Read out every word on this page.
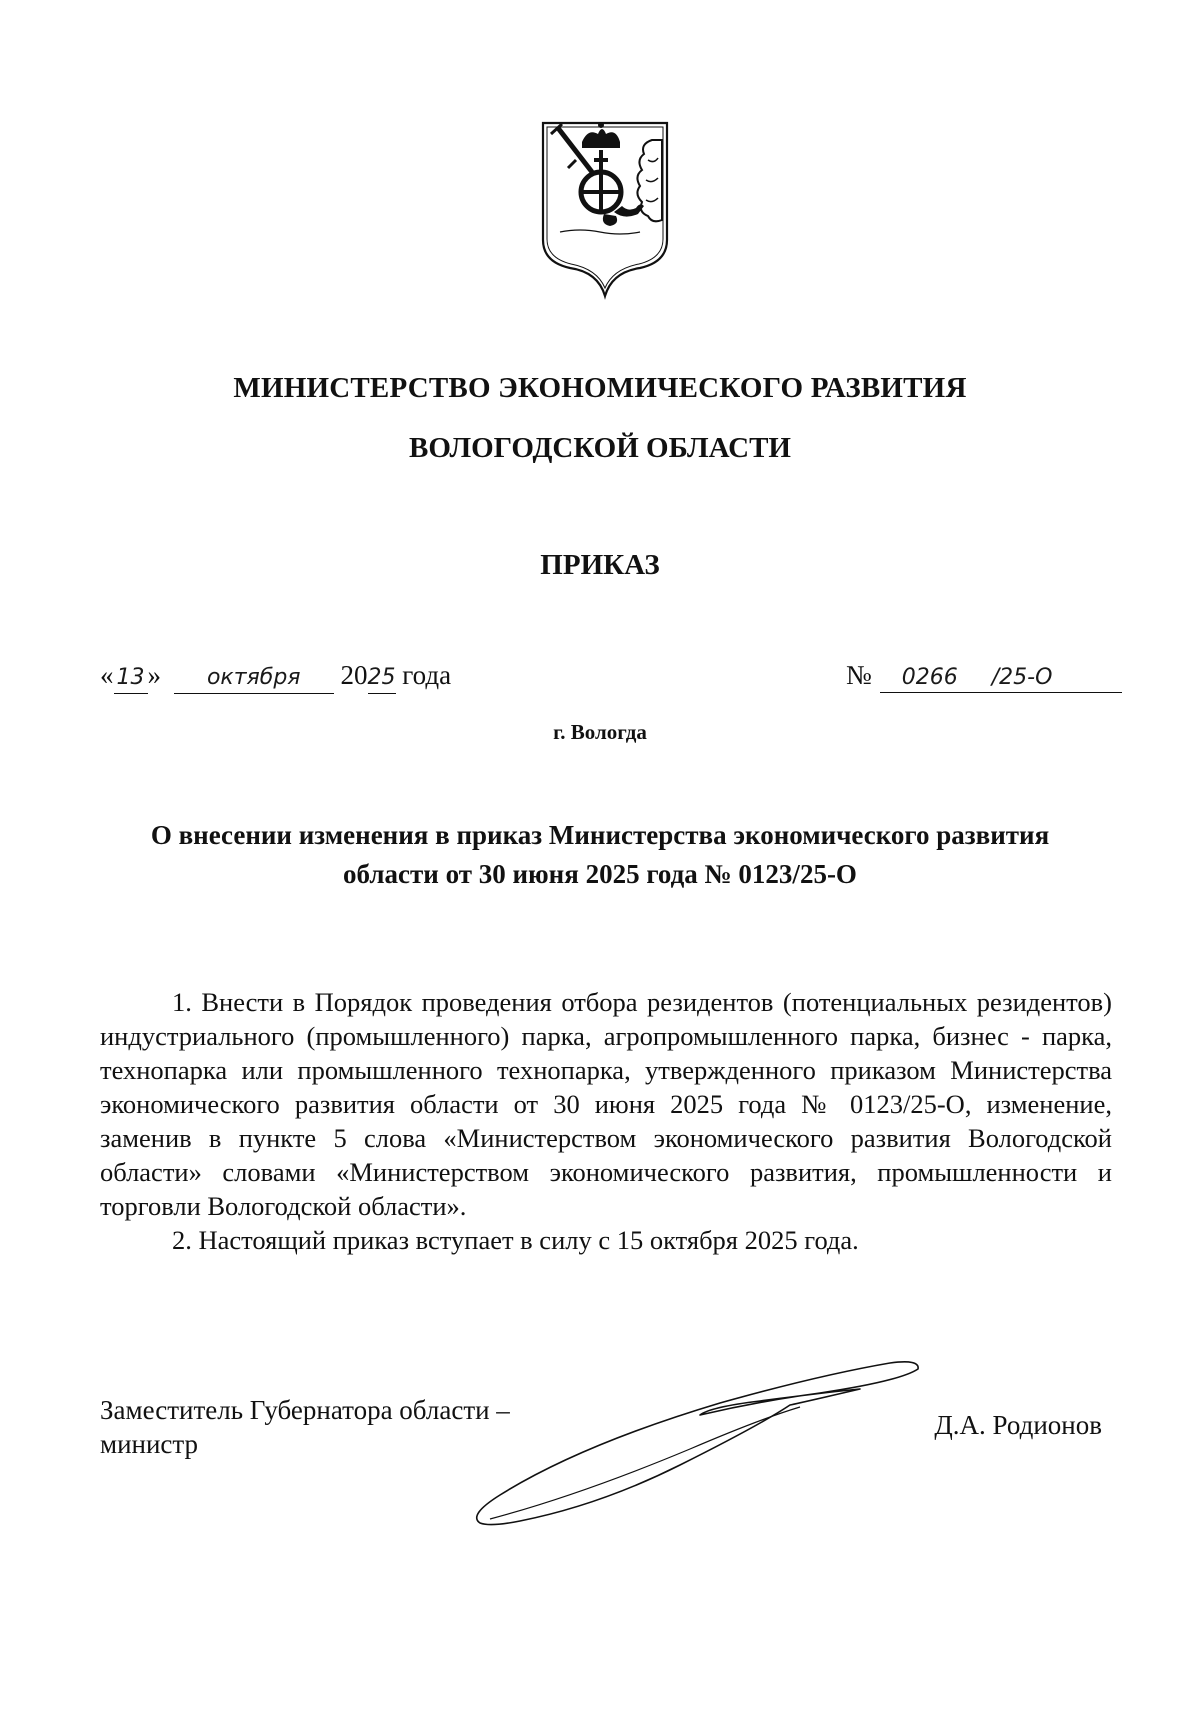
МИНИСТЕРСТВО ЭКОНОМИЧЕСКОГО РАЗВИТИЯ
ВОЛОГОДСКОЙ ОБЛАСТИ
ПРИКАЗ
« 13 » октября 2025 года	№ 0266 /25-О
г. Вологда
О внесении изменения в приказ Министерства экономического развития
области от 30 июня 2025 года № 0123/25-О

1. Внести в Порядок проведения отбора резидентов (потенциальных резидентов) индустриального (промышленного) парка, агропромышленного парка, бизнес - парка, технопарка или промышленного технопарка, утвержденного приказом Министерства экономического развития области от 30 июня 2025 года № 0123/25-О, изменение, заменив в пункте 5 слова «Министерством экономического развития Вологодской области» словами «Министерством экономического развития, промышленности и торговли Вологодской области».

2. Настоящий приказ вступает в силу с 15 октября 2025 года.

Заместитель Губернатора области –
министр
Д.А. Родионов
